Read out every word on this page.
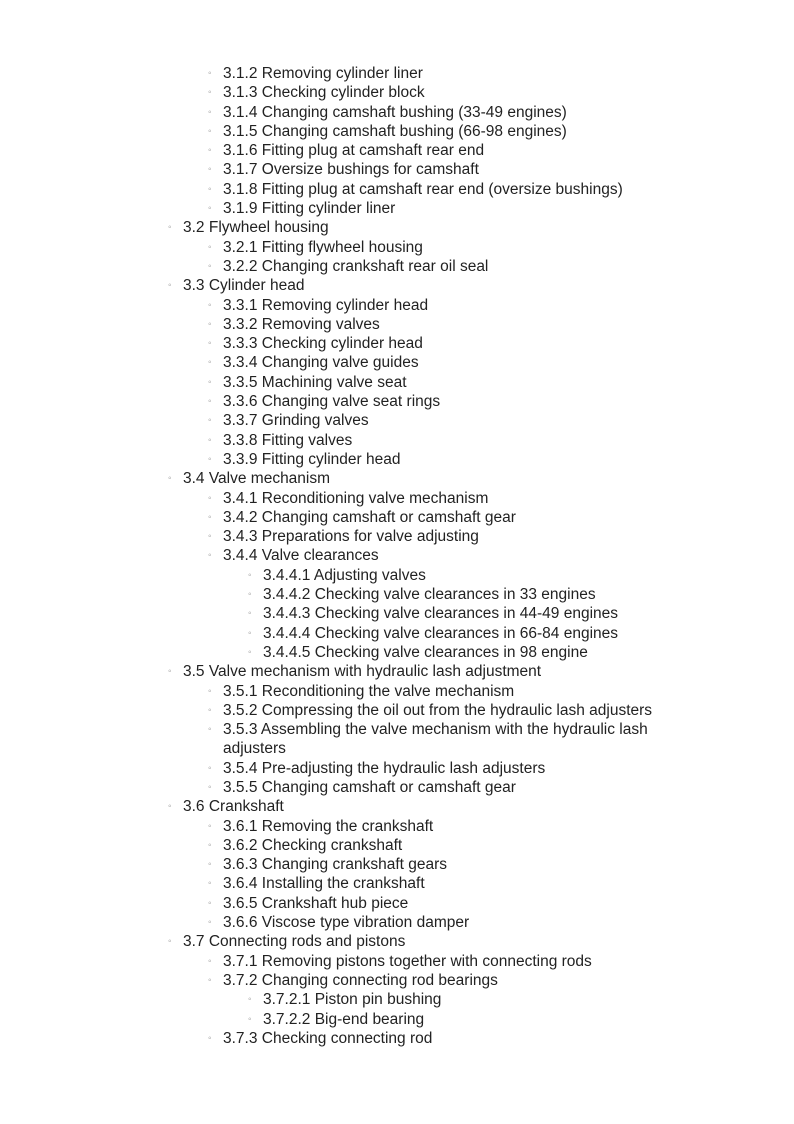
◦ 3.1.2 Removing cylinder liner
◦ 3.1.3 Checking cylinder block
◦ 3.1.4 Changing camshaft bushing (33-49 engines)
◦ 3.1.5 Changing camshaft bushing (66-98 engines)
◦ 3.1.6 Fitting plug at camshaft rear end
◦ 3.1.7 Oversize bushings for camshaft
◦ 3.1.8 Fitting plug at camshaft rear end (oversize bushings)
◦ 3.1.9 Fitting cylinder liner
◦ 3.2 Flywheel housing
◦ 3.2.1 Fitting flywheel housing
◦ 3.2.2 Changing crankshaft rear oil seal
◦ 3.3 Cylinder head
◦ 3.3.1 Removing cylinder head
◦ 3.3.2 Removing valves
◦ 3.3.3 Checking cylinder head
◦ 3.3.4 Changing valve guides
◦ 3.3.5 Machining valve seat
◦ 3.3.6 Changing valve seat rings
◦ 3.3.7 Grinding valves
◦ 3.3.8 Fitting valves
◦ 3.3.9 Fitting cylinder head
◦ 3.4 Valve mechanism
◦ 3.4.1 Reconditioning valve mechanism
◦ 3.4.2 Changing camshaft or camshaft gear
◦ 3.4.3 Preparations for valve adjusting
◦ 3.4.4 Valve clearances
◦ 3.4.4.1 Adjusting valves
◦ 3.4.4.2 Checking valve clearances in 33 engines
◦ 3.4.4.3 Checking valve clearances in 44-49 engines
◦ 3.4.4.4 Checking valve clearances in 66-84 engines
◦ 3.4.4.5 Checking valve clearances in 98 engine
◦ 3.5 Valve mechanism with hydraulic lash adjustment
◦ 3.5.1 Reconditioning the valve mechanism
◦ 3.5.2 Compressing the oil out from the hydraulic lash adjusters
◦ 3.5.3 Assembling the valve mechanism with the hydraulic lash adjusters
◦ 3.5.4 Pre-adjusting the hydraulic lash adjusters
◦ 3.5.5 Changing camshaft or camshaft gear
◦ 3.6 Crankshaft
◦ 3.6.1 Removing the crankshaft
◦ 3.6.2 Checking crankshaft
◦ 3.6.3 Changing crankshaft gears
◦ 3.6.4 Installing the crankshaft
◦ 3.6.5 Crankshaft hub piece
◦ 3.6.6 Viscose type vibration damper
◦ 3.7 Connecting rods and pistons
◦ 3.7.1 Removing pistons together with connecting rods
◦ 3.7.2 Changing connecting rod bearings
◦ 3.7.2.1 Piston pin bushing
◦ 3.7.2.2 Big-end bearing
◦ 3.7.3 Checking connecting rod
